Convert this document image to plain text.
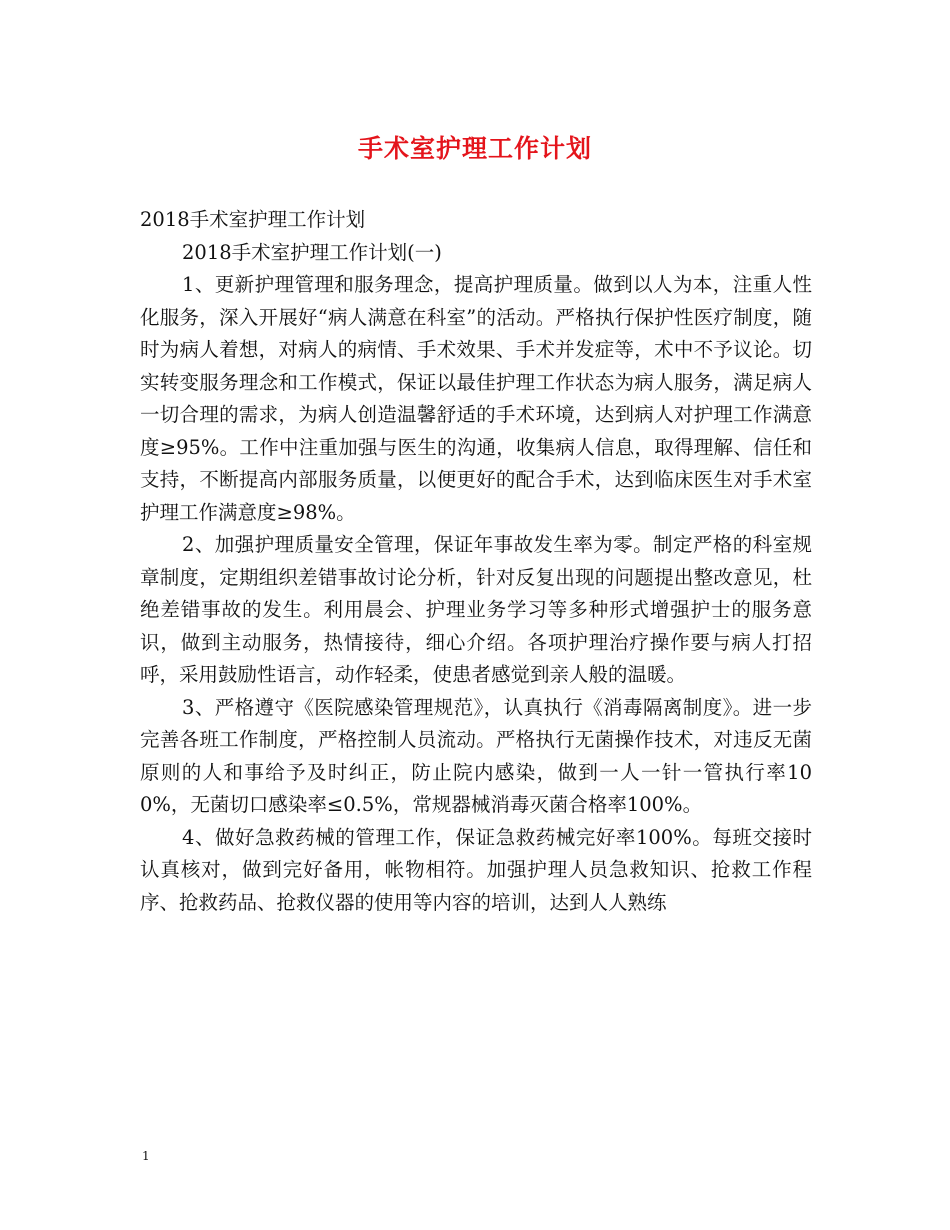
手术室护理工作计划

2018手术室护理工作计划

2018手术室护理工作计划(一)

1、更新护理管理和服务理念，提高护理质量。做到以人为本，注重人性化服务，深入开展好“病人满意在科室”的活动。严格执行保护性医疗制度，随时为病人着想，对病人的病情、手术效果、手术并发症等，术中不予议论。切实转变服务理念和工作模式，保证以最佳护理工作状态为病人服务，满足病人一切合理的需求，为病人创造温馨舒适的手术环境，达到病人对护理工作满意度≥95%。工作中注重加强与医生的沟通，收集病人信息，取得理解、信任和支持，不断提高内部服务质量，以便更好的配合手术，达到临床医生对手术室护理工作满意度≥98%。

2、加强护理质量安全管理，保证年事故发生率为零。制定严格的科室规章制度，定期组织差错事故讨论分析，针对反复出现的问题提出整改意见，杜绝差错事故的发生。利用晨会、护理业务学习等多种形式增强护士的服务意识，做到主动服务，热情接待，细心介绍。各项护理治疗操作要与病人打招呼，采用鼓励性语言，动作轻柔，使患者感觉到亲人般的温暖。

3、严格遵守《医院感染管理规范》，认真执行《消毒隔离制度》。进一步完善各班工作制度，严格控制人员流动。严格执行无菌操作技术，对违反无菌原则的人和事给予及时纠正，防止院内感染，做到一人一针一管执行率100%，无菌切口感染率≤0.5%，常规器械消毒灭菌合格率100%。

4、做好急救药械的管理工作，保证急救药械完好率100%。每班交接时认真核对，做到完好备用，帐物相符。加强护理人员急救知识、抢救工作程序、抢救药品、抢救仪器的使用等内容的培训，达到人人熟练

1
